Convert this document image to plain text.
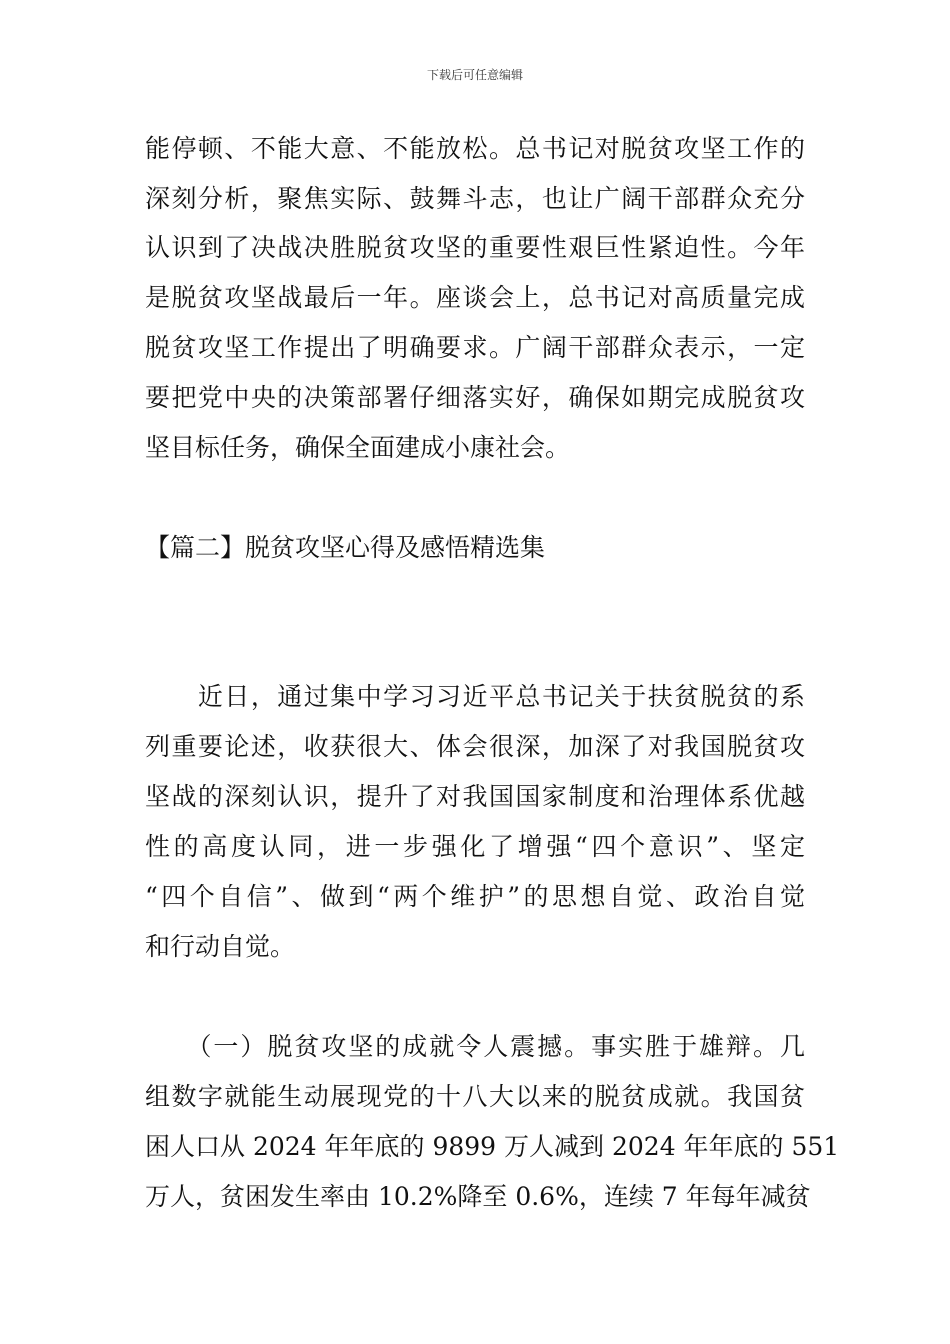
下载后可任意编辑
能停顿、不能大意、不能放松。总书记对脱贫攻坚工作的
深刻分析，聚焦实际、鼓舞斗志，也让广阔干部群众充分
认识到了决战决胜脱贫攻坚的重要性艰巨性紧迫性。今年
是脱贫攻坚战最后一年。座谈会上，总书记对高质量完成
脱贫攻坚工作提出了明确要求。广阔干部群众表示，一定
要把党中央的决策部署仔细落实好，确保如期完成脱贫攻
坚目标任务，确保全面建成小康社会。
【篇二】脱贫攻坚心得及感悟精选集
　　近日，通过集中学习习近平总书记关于扶贫脱贫的系
列重要论述，收获很大、体会很深，加深了对我国脱贫攻
坚战的深刻认识，提升了对我国国家制度和治理体系优越
性的高度认同，进一步强化了增强“四个意识”、坚定
“四个自信”、做到“两个维护”的思想自觉、政治自觉
和行动自觉。
　　（一）脱贫攻坚的成就令人震撼。事实胜于雄辩。几
组数字就能生动展现党的十八大以来的脱贫成就。我国贫
困人口从 2024 年年底的 9899 万人减到 2024 年年底的 551
万人，贫困发生率由 10.2%降至 0.6%，连续 7 年每年减贫
